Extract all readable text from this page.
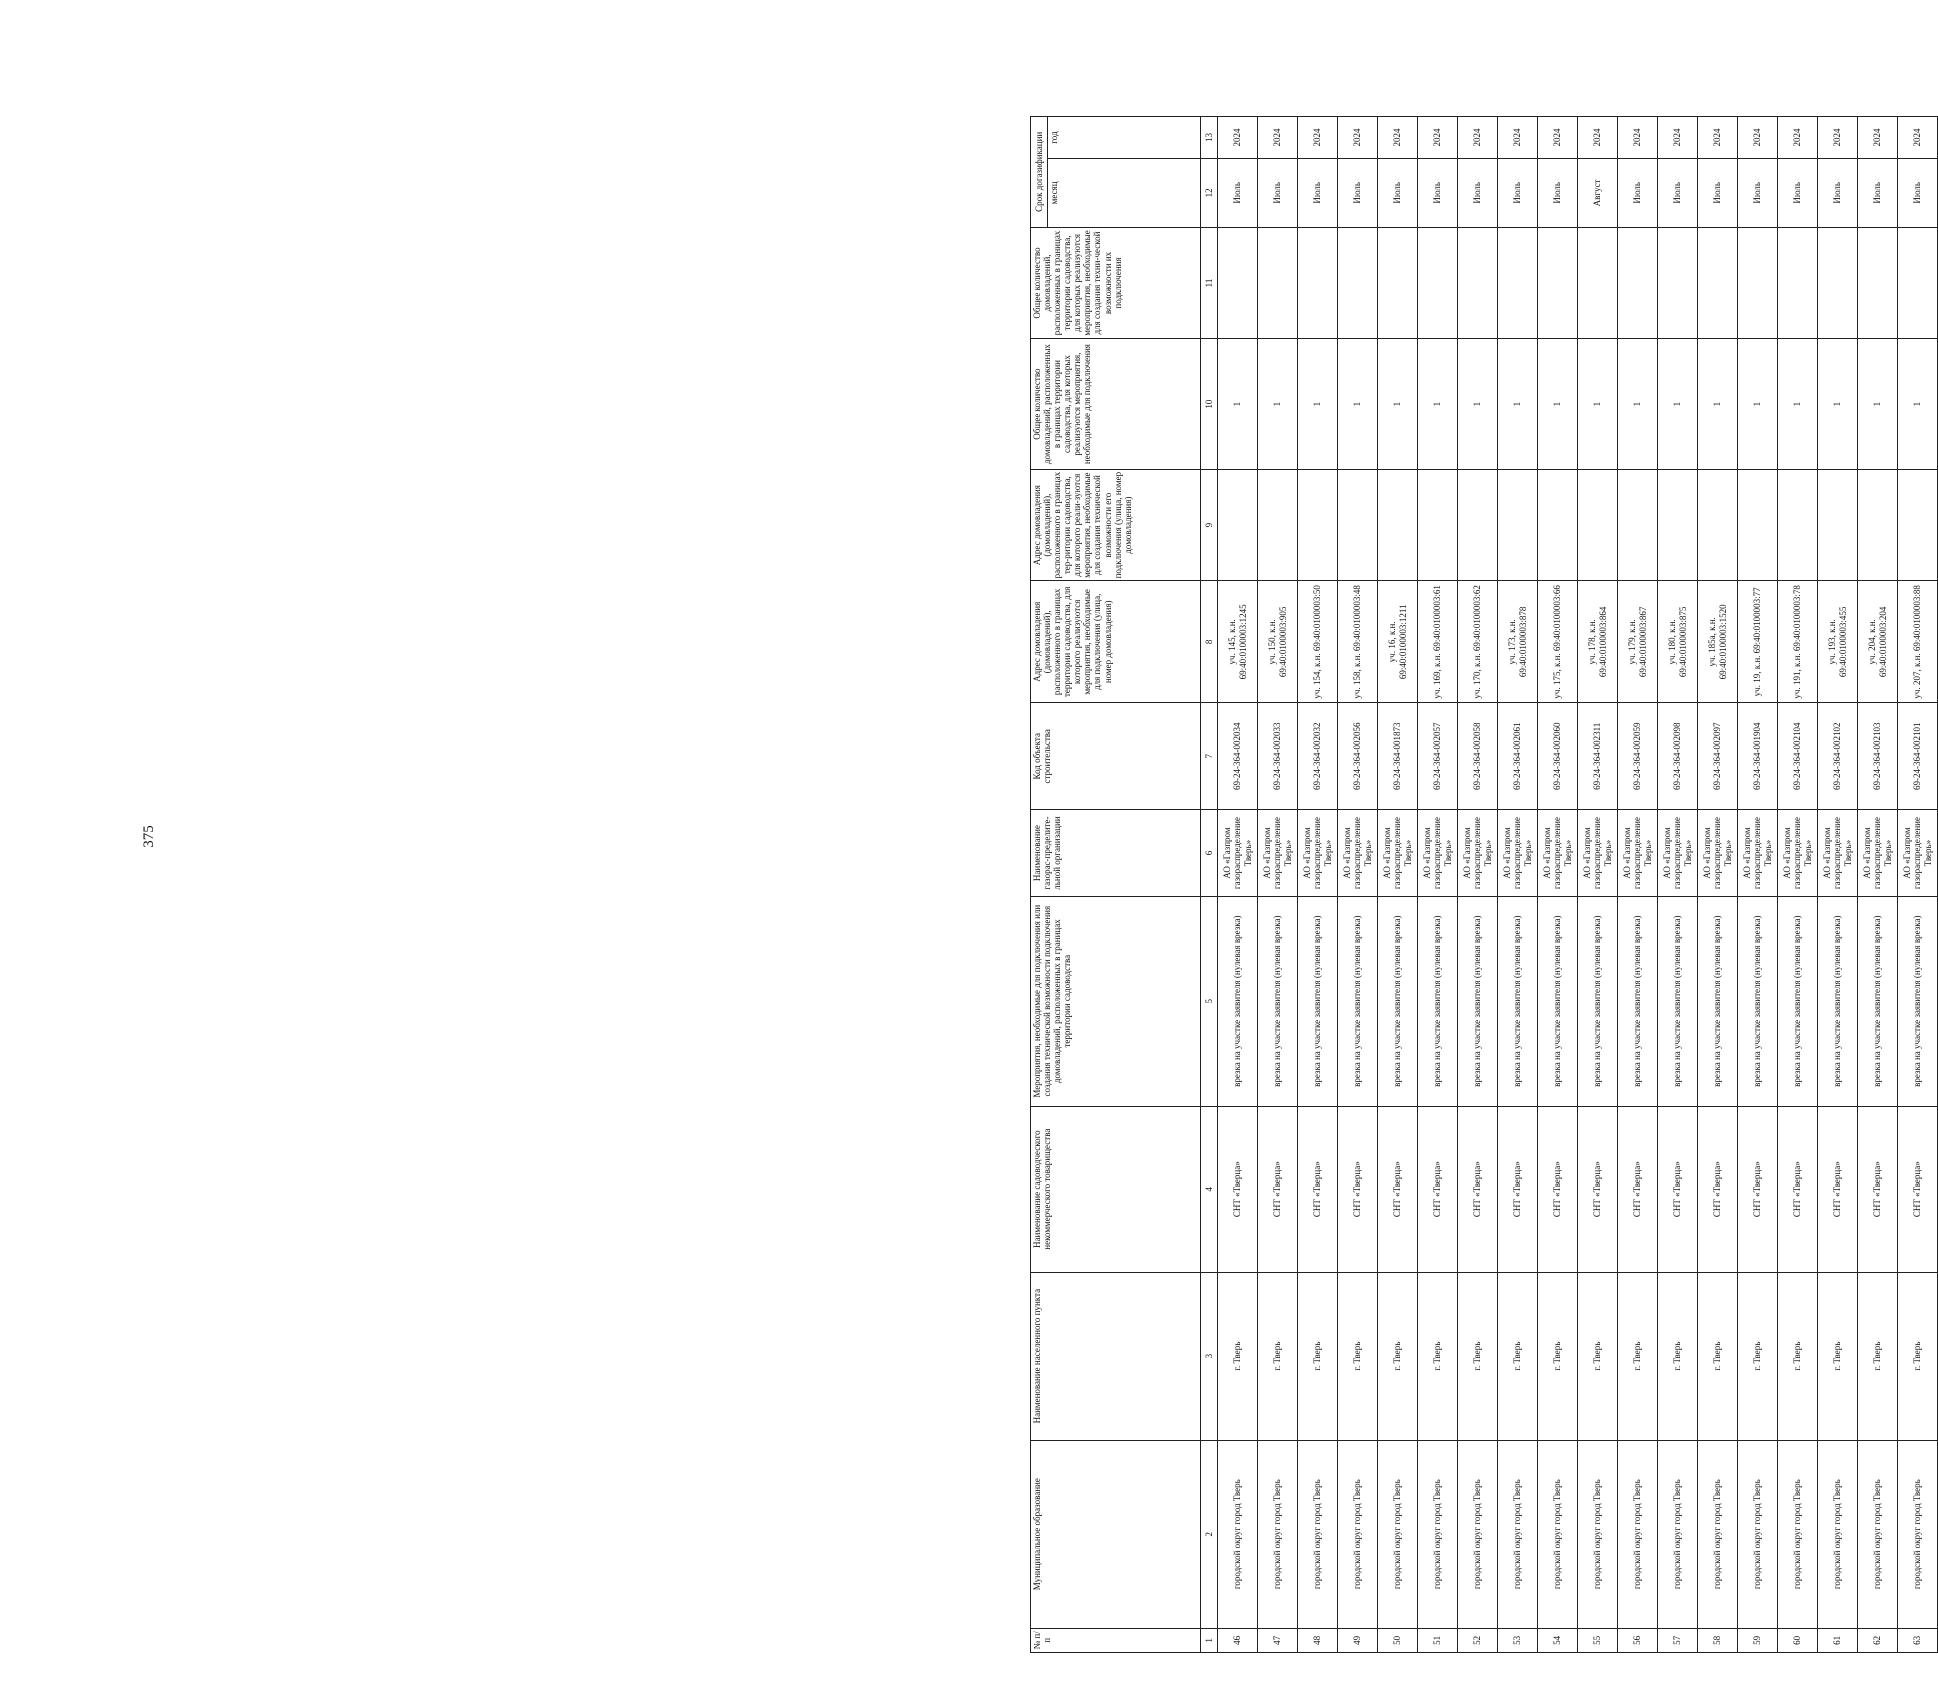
375
№ п/п	Муниципальное образование	Наименование населенного пункта	Наименование садоводческого некоммерческого товарищества	Мероприятия, необходимые для подключения или создания технической возможности подключения домовладений, расположенных в границах территории садоводства	Наименование газорас-пределите-льной организации	Код объекта строительства	Адрес домовладения (домовладений), расположенного в границах территории садоводства, для которого реализуются мероприятия, необходимые для подключения (улица, номер домовладения)	Адрес домовладения (домовладений), расположенного в границах тер-ритории садоводства, для которого реали-зуются мероприятия, необходимые для создания технической возможности его подключения (улица, номер домовладения)	Общее количество домовладений, расположенных в границах территории садоводства, для которых реализуются мероприятия, необходимые для подключения	Общее количество домовладений, расположенных в границах территории садоводства, для которых реализуются мероприятия, необходимые для создания техни-ческой возможности их подключения	Срок догазификации	
											месяц	год
1	2	3	4	5	6	7	8	9	10	11	12	13
46	городской округ город Тверь	г. Тверь	СНТ «Тверца»	врезка на участке заявителя (нулевая врезка)	АО «Газпром газораспределение Тверь»	69-24-364-002034	уч. 145, к.н. 69:40:0100003:1245		1		Июль	2024
47	городской округ город Тверь	г. Тверь	СНТ «Тверца»	врезка на участке заявителя (нулевая врезка)	АО «Газпром газораспределение Тверь»	69-24-364-002033	уч. 150, к.н. 69:40:0100003:905		1		Июль	2024
48	городской округ город Тверь	г. Тверь	СНТ «Тверца»	врезка на участке заявителя (нулевая врезка)	АО «Газпром газораспределение Тверь»	69-24-364-002032	уч. 154, к.н. 69:40:0100003:50		1		Июль	2024
49	городской округ город Тверь	г. Тверь	СНТ «Тверца»	врезка на участке заявителя (нулевая врезка)	АО «Газпром газораспределение Тверь»	69-24-364-002056	уч. 158, к.н. 69:40:0100003:48		1		Июль	2024
50	городской округ город Тверь	г. Тверь	СНТ «Тверца»	врезка на участке заявителя (нулевая врезка)	АО «Газпром газораспределение Тверь»	69-24-364-001873	уч. 16, к.н. 69:40:0100003:1211		1		Июль	2024
51	городской округ город Тверь	г. Тверь	СНТ «Тверца»	врезка на участке заявителя (нулевая врезка)	АО «Газпром газораспределение Тверь»	69-24-364-002057	уч. 169, к.н. 69:40:0100003:61		1		Июль	2024
52	городской округ город Тверь	г. Тверь	СНТ «Тверца»	врезка на участке заявителя (нулевая врезка)	АО «Газпром газораспределение Тверь»	69-24-364-002058	уч. 170, к.н. 69:40:0100003:62		1		Июль	2024
53	городской округ город Тверь	г. Тверь	СНТ «Тверца»	врезка на участке заявителя (нулевая врезка)	АО «Газпром газораспределение Тверь»	69-24-364-002061	уч. 173, к.н. 69:40:0100003:878		1		Июль	2024
54	городской округ город Тверь	г. Тверь	СНТ «Тверца»	врезка на участке заявителя (нулевая врезка)	АО «Газпром газораспределение Тверь»	69-24-364-002060	уч. 175, к.н. 69:40:0100003:66		1		Июль	2024
55	городской округ город Тверь	г. Тверь	СНТ «Тверца»	врезка на участке заявителя (нулевая врезка)	АО «Газпром газораспределение Тверь»	69-24-364-002311	уч. 178, к.н. 69:40:0100003:864		1		Август	2024
56	городской округ город Тверь	г. Тверь	СНТ «Тверца»	врезка на участке заявителя (нулевая врезка)	АО «Газпром газораспределение Тверь»	69-24-364-002059	уч. 179, к.н. 69:40:0100003:867		1		Июль	2024
57	городской округ город Тверь	г. Тверь	СНТ «Тверца»	врезка на участке заявителя (нулевая врезка)	АО «Газпром газораспределение Тверь»	69-24-364-002098	уч. 180, к.н. 69:40:0100003:875		1		Июль	2024
58	городской округ город Тверь	г. Тверь	СНТ «Тверца»	врезка на участке заявителя (нулевая врезка)	АО «Газпром газораспределение Тверь»	69-24-364-002097	уч. 185а, к.н. 69:40:0100003:1520		1		Июль	2024
59	городской округ город Тверь	г. Тверь	СНТ «Тверца»	врезка на участке заявителя (нулевая врезка)	АО «Газпром газораспределение Тверь»	69-24-364-001904	уч. 19, к.н. 69:40:0100003:77		1		Июль	2024
60	городской округ город Тверь	г. Тверь	СНТ «Тверца»	врезка на участке заявителя (нулевая врезка)	АО «Газпром газораспределение Тверь»	69-24-364-002104	уч. 191, к.н. 69:40:0100003:78		1		Июль	2024
61	городской округ город Тверь	г. Тверь	СНТ «Тверца»	врезка на участке заявителя (нулевая врезка)	АО «Газпром газораспределение Тверь»	69-24-364-002102	уч. 193, к.н. 69:40:0100003:455		1		Июль	2024
62	городской округ город Тверь	г. Тверь	СНТ «Тверца»	врезка на участке заявителя (нулевая врезка)	АО «Газпром газораспределение Тверь»	69-24-364-002103	уч. 204, к.н. 69:40:0100003:204		1		Июль	2024
63	городской округ город Тверь	г. Тверь	СНТ «Тверца»	врезка на участке заявителя (нулевая врезка)	АО «Газпром газораспределение Тверь»	69-24-364-002101	уч. 207, к.н. 69:40:0100003:88		1		Июль	2024
